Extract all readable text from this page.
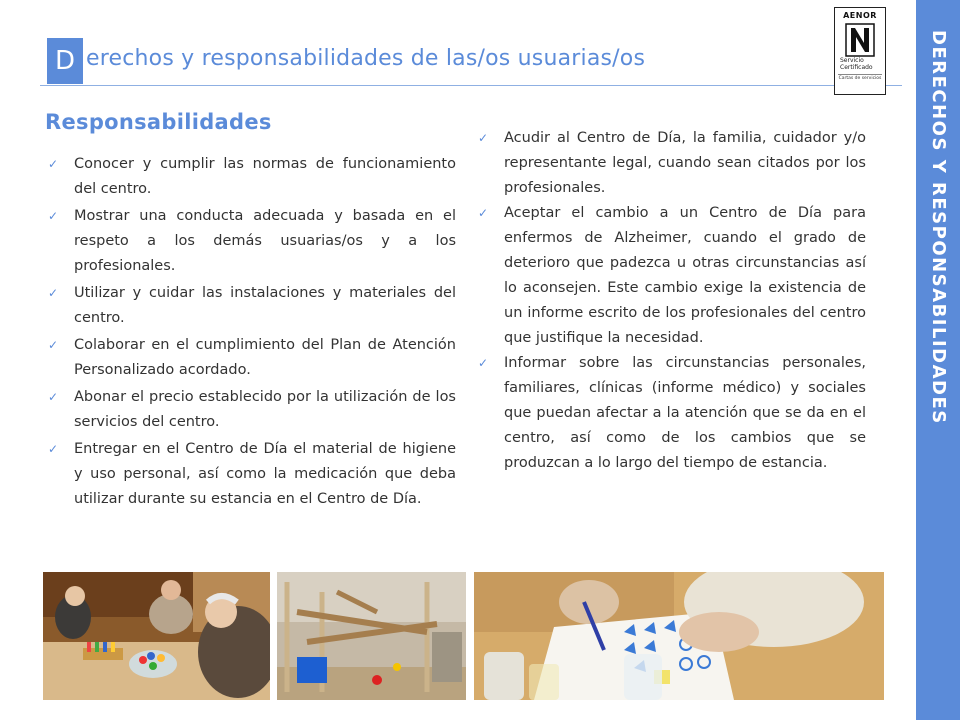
D erechos y responsabilidades de las/os usuarias/os
AENOR
Servicio
Certificado
Cartas de servicios	DERECHOS Y RESPONSABILIDADES
Responsabilidades
✓ Conocer y cumplir las normas de funcionamiento del centro.
✓ Mostrar una conducta adecuada y basada en el respeto a los demás usuarias/os y a los profesionales.
✓ Utilizar y cuidar las instalaciones y materiales del centro.
✓ Colaborar en el cumplimiento del Plan de Atención Personalizado acordado.
✓ Abonar el precio establecido por la utilización de los servicios del centro.
✓ Entregar en el Centro de Día el material de higiene y uso personal, así como la medicación que deba utilizar durante su estancia en el Centro de Día.
✓ Acudir al Centro de Día, la familia, cuidador y/o representante legal, cuando sean citados por los profesionales.
✓ Aceptar el cambio a un Centro de Día para enfermos de Alzheimer, cuando el grado de deterioro que padezca u otras circunstancias así lo aconsejen. Este cambio exige la existencia de un informe escrito de los profesionales del centro que justifique la necesidad.
✓ Informar sobre las circunstancias personales, familiares, clínicas (informe médico) y sociales que puedan afectar a la atención que se da en el centro, así como de los cambios que se produzcan a lo largo del tiempo de estancia.
